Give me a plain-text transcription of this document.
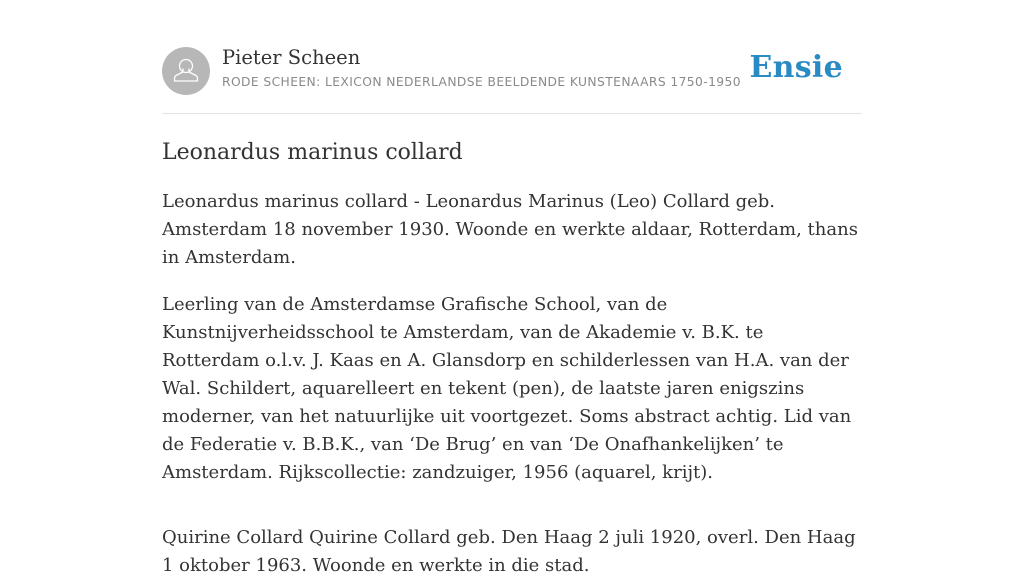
Pieter Scheen
RODE SCHEEN: LEXICON NEDERLANDSE BEELDENDE KUNSTENAARS 1750-1950 Ensie
Leonardus marinus collard

Leonardus marinus collard - Leonardus Marinus (Leo) Collard geb. Amsterdam 18 november 1930. Woonde en werkte aldaar, Rotterdam, thans in Amsterdam.

Leerling van de Amsterdamse Grafische School, van de Kunstnijverheidsschool te Amsterdam, van de Akademie v. B.K. te Rotterdam o.l.v. J. Kaas en A. Glansdorp en schilderlessen van H.A. van der Wal. Schildert, aquarelleert en tekent (pen), de laatste jaren enigszins moderner, van het natuurlijke uit voortgezet. Soms abstract achtig. Lid van de Federatie v. B.B.K., van ‘De Brug’ en van ‘De Onafhankelijken’ te Amsterdam. Rijkscollectie: zandzuiger, 1956 (aquarel, krijt).

Quirine Collard Quirine Collard geb. Den Haag 2 juli 1920, overl. Den Haag 1 oktober 1963. Woonde en werkte in die stad.
